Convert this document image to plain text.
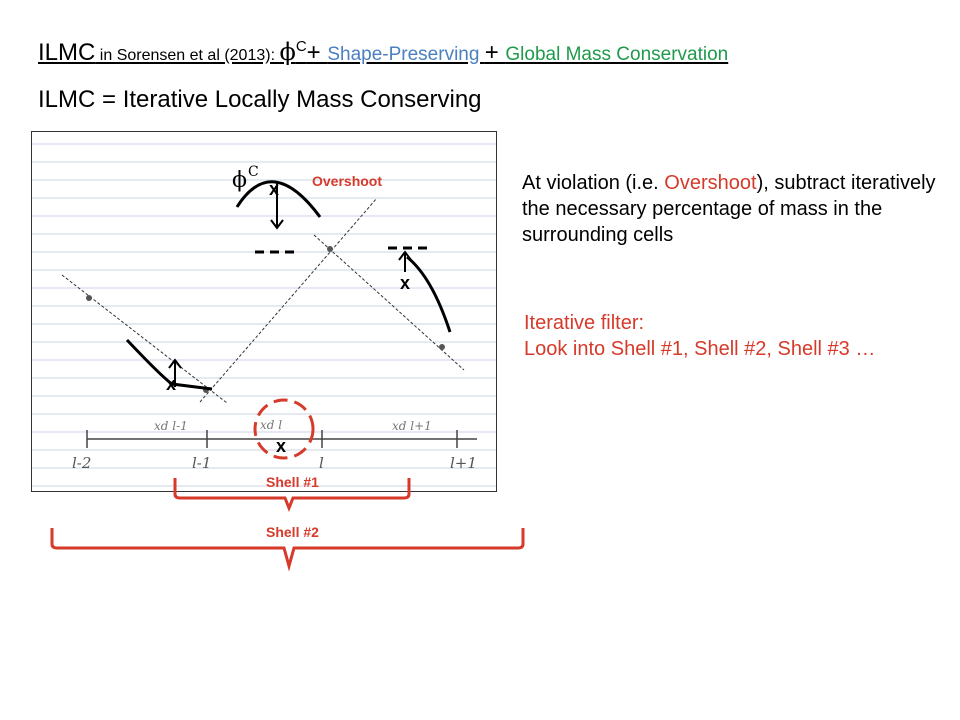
ILMC in Sorensen et al (2013): $\phi^C+$ Shape-Preserving + Global Mass Conservation
ILMC = Iterative Locally Mass Conserving
x
x
x
ϕ C
Overshoot
l-2	l-1	l	l+1
xd l-1	xd l	xd l+1
x
Shell #1
Shell #2
At violation (i.e. Overshoot), subtract iteratively the necessary percentage of mass in the surrounding cells
Iterative filter:
Look into Shell #1, Shell #2, Shell #3 …
